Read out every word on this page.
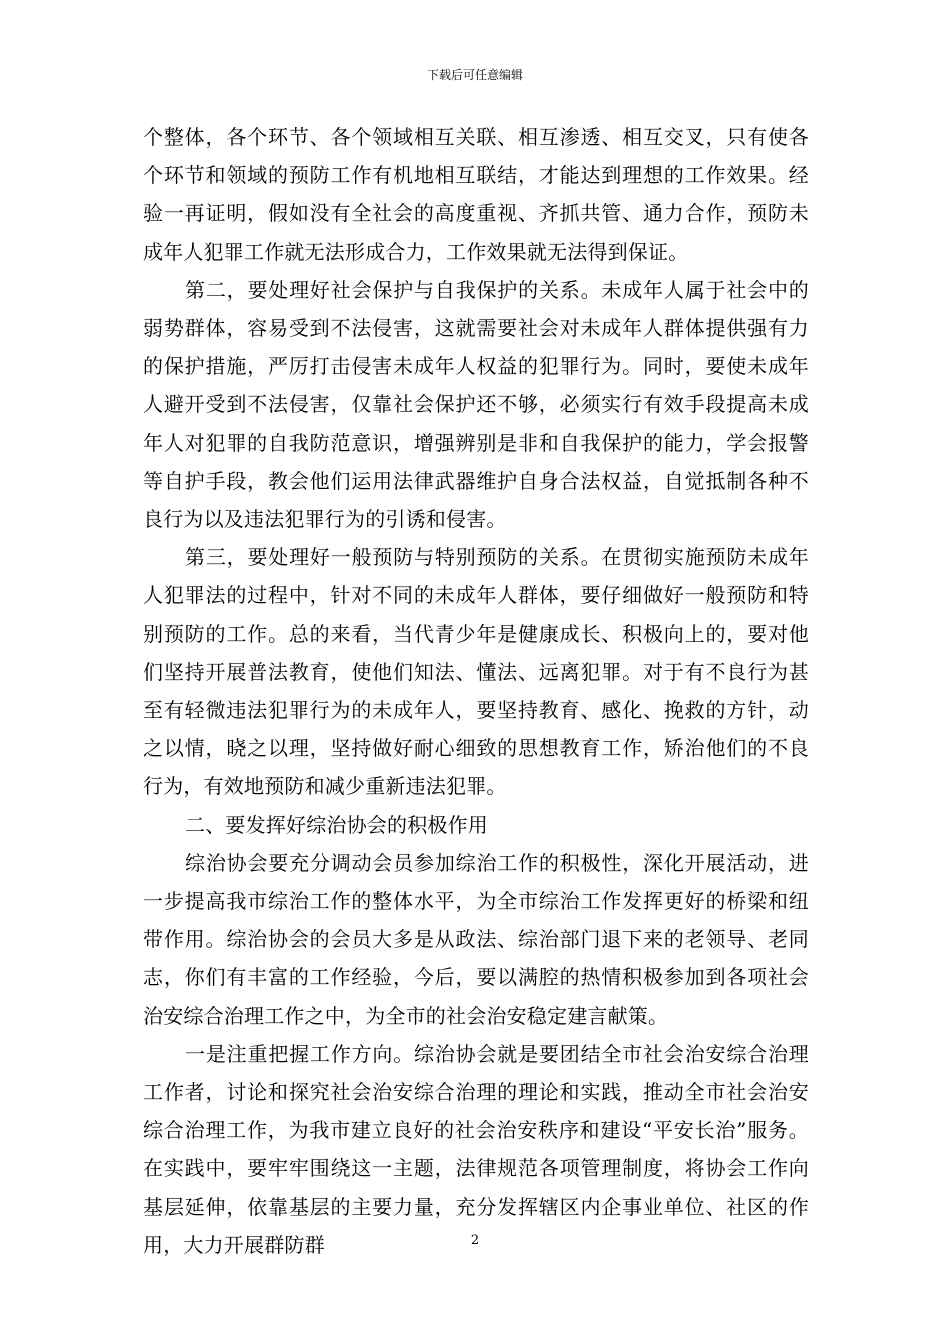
下载后可任意编辑

个整体，各个环节、各个领域相互关联、相互渗透、相互交叉，只有使各个环节和领域的预防工作有机地相互联结，才能达到理想的工作效果。经验一再证明，假如没有全社会的高度重视、齐抓共管、通力合作，预防未成年人犯罪工作就无法形成合力，工作效果就无法得到保证。

第二，要处理好社会保护与自我保护的关系。未成年人属于社会中的弱势群体，容易受到不法侵害，这就需要社会对未成年人群体提供强有力的保护措施，严厉打击侵害未成年人权益的犯罪行为。同时，要使未成年人避开受到不法侵害，仅靠社会保护还不够，必须实行有效手段提高未成年人对犯罪的自我防范意识，增强辨别是非和自我保护的能力，学会报警等自护手段，教会他们运用法律武器维护自身合法权益，自觉抵制各种不良行为以及违法犯罪行为的引诱和侵害。

第三，要处理好一般预防与特别预防的关系。在贯彻实施预防未成年人犯罪法的过程中，针对不同的未成年人群体，要仔细做好一般预防和特别预防的工作。总的来看，当代青少年是健康成长、积极向上的，要对他们坚持开展普法教育，使他们知法、懂法、远离犯罪。对于有不良行为甚至有轻微违法犯罪行为的未成年人，要坚持教育、感化、挽救的方针，动之以情，晓之以理，坚持做好耐心细致的思想教育工作，矫治他们的不良行为，有效地预防和减少重新违法犯罪。

二、要发挥好综治协会的积极作用

综治协会要充分调动会员参加综治工作的积极性，深化开展活动，进一步提高我市综治工作的整体水平，为全市综治工作发挥更好的桥梁和纽带作用。综治协会的会员大多是从政法、综治部门退下来的老领导、老同志，你们有丰富的工作经验，今后，要以满腔的热情积极参加到各项社会治安综合治理工作之中，为全市的社会治安稳定建言献策。

一是注重把握工作方向。综治协会就是要团结全市社会治安综合治理工作者，讨论和探究社会治安综合治理的理论和实践，推动全市社会治安综合治理工作，为我市建立良好的社会治安秩序和建设“平安长治”服务。在实践中，要牢牢围绕这一主题，法律规范各项管理制度，将协会工作向基层延伸，依靠基层的主要力量，充分发挥辖区内企事业单位、社区的作用，大力开展群防群	2
